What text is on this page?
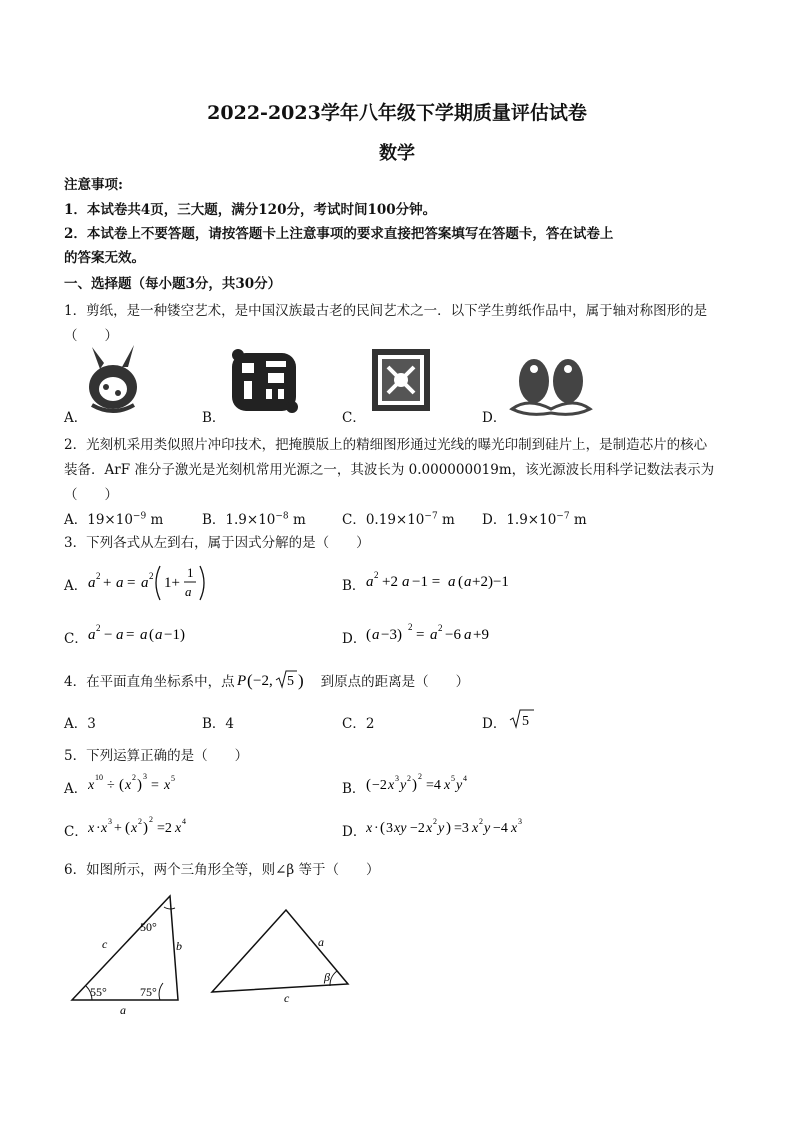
2022-2023学年八年级下学期质量评估试卷
数学
注意事项:
1．本试卷共4页，三大题，满分120分，考试时间100分钟。
2．本试卷上不要答题，请按答题卡上注意事项的要求直接把答案填写在答题卡，答在试卷上
的答案无效。
一、选择题（每小题3分，共30分）
1．剪纸，是一种镂空艺术，是中国汉族最古老的民间艺术之一．以下学生剪纸作品中，属于轴对称图形的是
（　　）
A．	B．	C．	D．
2．光刻机采用类似照片冲印技术，把掩膜版上的精细图形通过光线的曝光印制到硅片上，是制造芯片的核心
装备．ArF 准分子激光是光刻机常用光源之一，其波长为 0.000000019m，该光源波长用科学记数法表示为
（　　）
A．$19\times 10^{-9}$ m	B．$1.9\times 10^{-8}$ m	C．$0.19\times 10^{-7}$ m D．$1.9\times 10^{-7}$ m
3．下列各式从左到右，属于因式分解的是（　　）
A． a 2 + a = a 2 1+
1
a	B． a 2 +2 a −1 = a ( a +2)−1
C． a 2 − a = a ( a −1)	D． ( a −3) 2 = a 2 −6 a +9
4．在平面直角坐标系中，点 P ( −2, 5 ) 到原点的距离是（　　）
A．3	B．4	C．2	D． 5
5．下列运算正确的是（　　）
A． x
10
÷ ( x
2 )
3
= x 5
B． ( −2 x 3 y 2 )
2
=4 x 5 y 4
C． x · x 3 + ( x 2 )
2
=2 x 4
D． x · ( 3 xy −2 x 2 y ) =3 x 2 y −4 x 3
6．如图所示，两个三角形全等，则∠β 等于（　　）
50°
55°	75°
c	b
a
a
β
c
